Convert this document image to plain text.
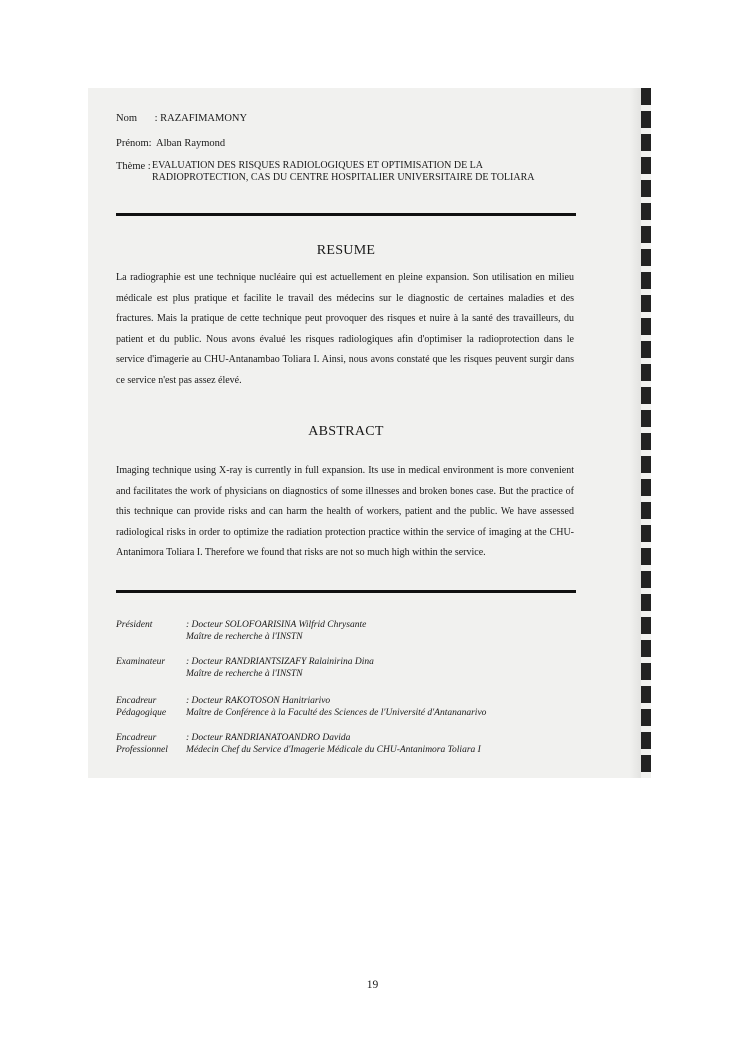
Nom : RAZAFIMAMONY
Prénom: Alban Raymond
Thème : EVALUATION DES RISQUES RADIOLOGIQUES ET OPTIMISATION DE LA RADIOPROTECTION, CAS DU CENTRE HOSPITALIER UNIVERSITAIRE DE TOLIARA
RESUME
La radiographie est une technique nucléaire qui est actuellement en pleine expansion. Son utilisation en milieu médicale est plus pratique et facilite le travail des médecins sur le diagnostic de certaines maladies et des fractures. Mais la pratique de cette technique peut provoquer des risques et nuire à la santé des travailleurs, du patient et du public. Nous avons évalué les risques radiologiques afin d'optimiser la radioprotection dans le service d'imagerie au CHU-Antanambao Toliara I. Ainsi, nous avons constaté que les risques peuvent surgir dans ce service n'est pas assez élevé.
ABSTRACT
Imaging technique using X-ray is currently in full expansion. Its use in medical environment is more convenient and facilitates the work of physicians on diagnostics of some illnesses and broken bones case. But the practice of this technique can provide risks and can harm the health of workers, patient and the public. We have assessed radiological risks in order to optimize the radiation protection practice within the service of imaging at the CHU-Antanimora Toliara I. Therefore we found that risks are not so much high within the service.
Président	: Docteur SOLOFOARISINA Wilfrid Chrysante
Maître de recherche à l'INSTN
Examinateur	: Docteur RANDRIANTSIZAFY Ralainirina Dina
Maître de recherche à l'INSTN
Encadreur Pédagogique
: Docteur RAKOTOSON Hanitriarivo
Maître de Conférence à la Faculté des Sciences de l'Université d'Antananarivo
Encadreur Professionnel
: Docteur RANDRIANATOANDRO Davida
Médecin Chef du Service d'Imagerie Médicale du CHU-Antanimora Toliara I
19
